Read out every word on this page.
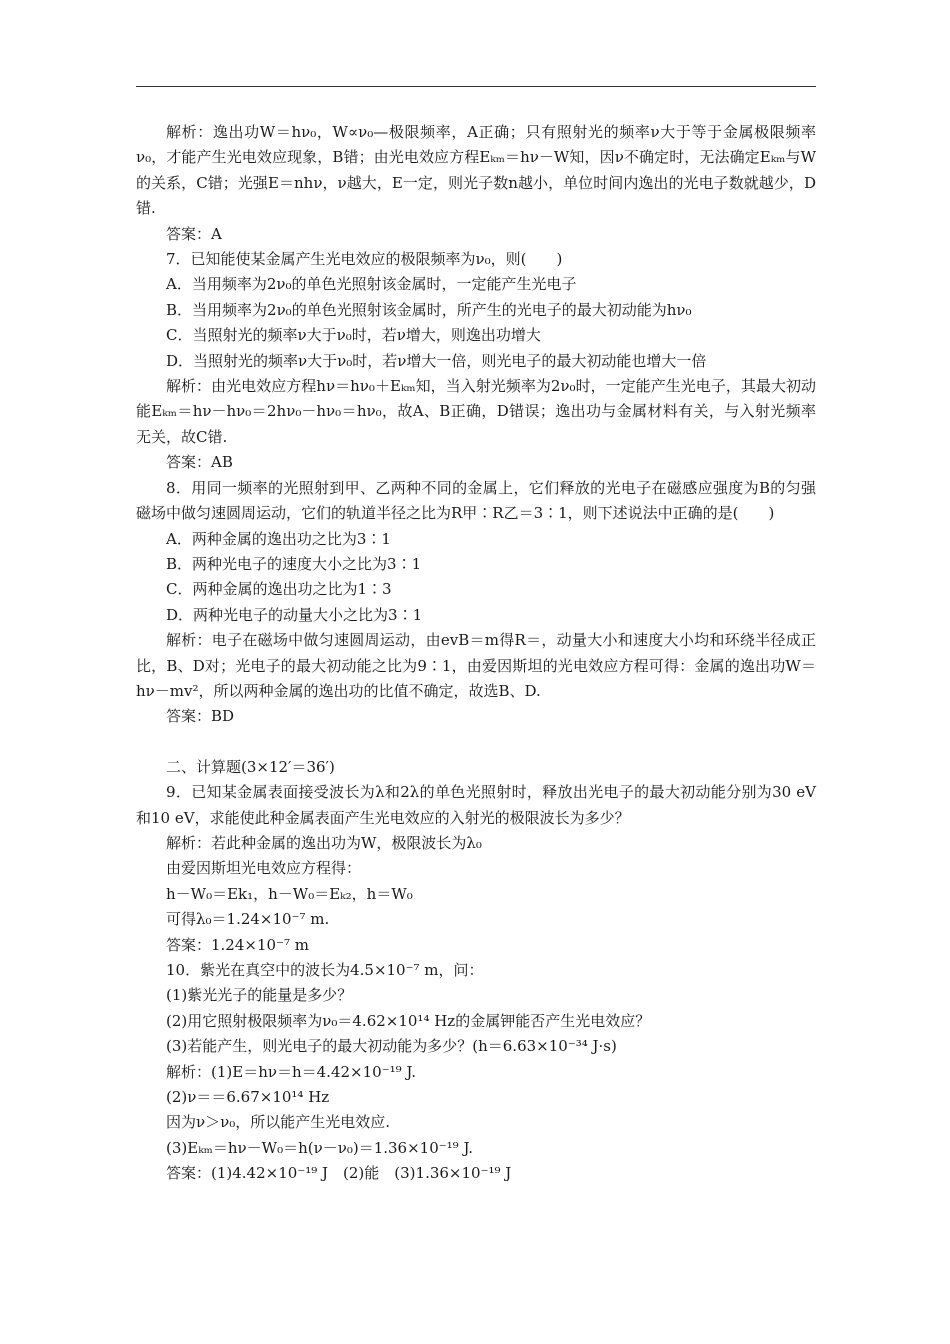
解析：逸出功W＝hν₀，W∝ν₀—极限频率，A正确；只有照射光的频率ν大于等于金属极限频率ν₀，才能产生光电效应现象，B错；由光电效应方程Eₖₘ＝hν－W知，因ν不确定时，无法确定Eₖₘ与W的关系，C错；光强E＝nhν，ν越大，E一定，则光子数n越小，单位时间内逸出的光电子数就越少，D错.

答案：A

7．已知能使某金属产生光电效应的极限频率为ν₀，则(　　)

A．当用频率为2ν₀的单色光照射该金属时，一定能产生光电子

B．当用频率为2ν₀的单色光照射该金属时，所产生的光电子的最大初动能为hν₀

C．当照射光的频率ν大于ν₀时，若ν增大，则逸出功增大

D．当照射光的频率ν大于ν₀时，若ν增大一倍，则光电子的最大初动能也增大一倍

解析：由光电效应方程hν＝hν₀＋Eₖₘ知，当入射光频率为2ν₀时，一定能产生光电子，其最大初动能Eₖₘ＝hν－hν₀＝2hν₀－hν₀＝hν₀，故A、B正确，D错误；逸出功与金属材料有关，与入射光频率无关，故C错.

答案：AB

8．用同一频率的光照射到甲、乙两种不同的金属上，它们释放的光电子在磁感应强度为B的匀强磁场中做匀速圆周运动，它们的轨道半径之比为R甲∶R乙＝3∶1，则下述说法中正确的是(　　)

A．两种金属的逸出功之比为3∶1

B．两种光电子的速度大小之比为3∶1

C．两种金属的逸出功之比为1∶3

D．两种光电子的动量大小之比为3∶1

解析：电子在磁场中做匀速圆周运动，由evB＝m得R＝，动量大小和速度大小均和环绕半径成正比，B、D对；光电子的最大初动能之比为9∶1，由爱因斯坦的光电效应方程可得：金属的逸出功W＝hν－mv²，所以两种金属的逸出功的比值不确定，故选B、D.

答案：BD

二、计算题(3×12′＝36′)

9．已知某金属表面接受波长为λ和2λ的单色光照射时，释放出光电子的最大初动能分别为30 eV和10 eV，求能使此种金属表面产生光电效应的入射光的极限波长为多少？

解析：若此种金属的逸出功为W，极限波长为λ₀

由爱因斯坦光电效应方程得：

h－W₀＝Ek₁，h－W₀＝Eₖ₂，h＝W₀

可得λ₀＝1.24×10⁻⁷ m.

答案：1.24×10⁻⁷ m

10．紫光在真空中的波长为4.5×10⁻⁷ m，问：

(1)紫光光子的能量是多少？

(2)用它照射极限频率为ν₀＝4.62×10¹⁴ Hz的金属钾能否产生光电效应？

(3)若能产生，则光电子的最大初动能为多少？(h＝6.63×10⁻³⁴ J·s)

解析：(1)E＝hν＝h＝4.42×10⁻¹⁹ J.

(2)ν＝＝6.67×10¹⁴ Hz

因为ν＞ν₀，所以能产生光电效应.

(3)Eₖₘ＝hν－W₀＝h(ν－ν₀)＝1.36×10⁻¹⁹ J.

答案：(1)4.42×10⁻¹⁹ J　(2)能　(3)1.36×10⁻¹⁹ J
